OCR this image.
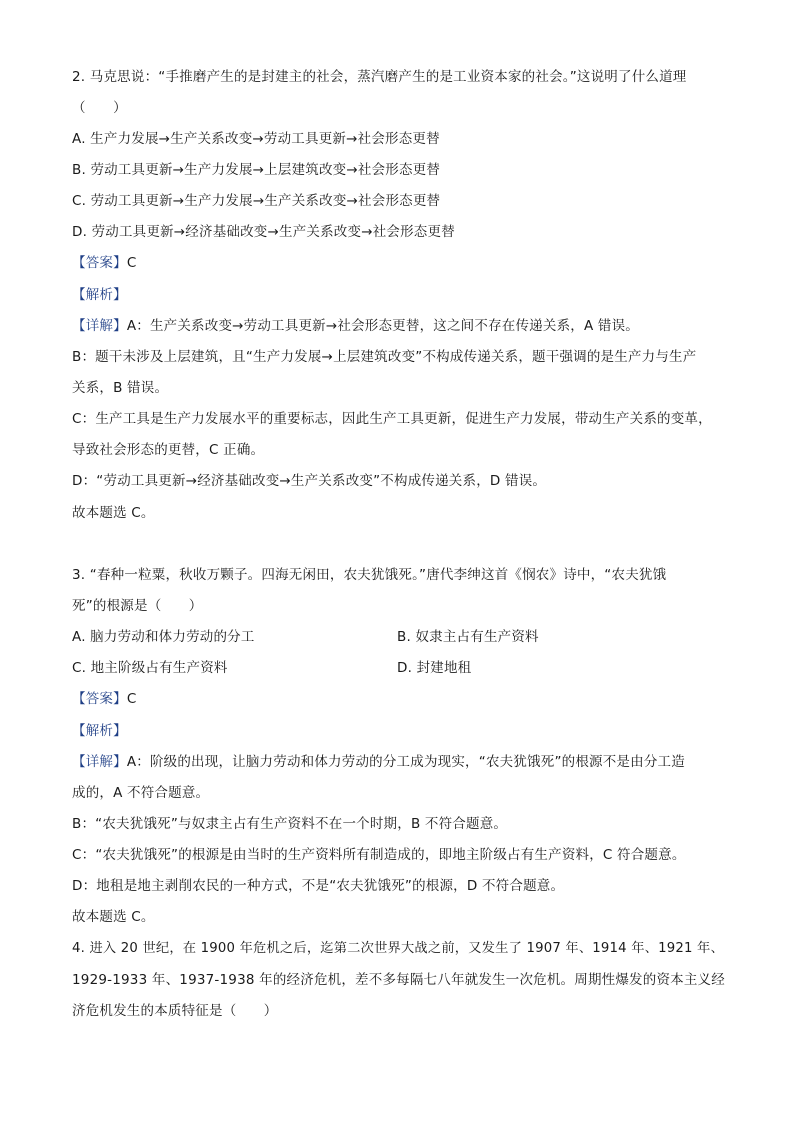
2. 马克思说：“手推磨产生的是封建主的社会，蒸汽磨产生的是工业资本家的社会。”这说明了什么道理
（　　）
A. 生产力发展→生产关系改变→劳动工具更新→社会形态更替
B. 劳动工具更新→生产力发展→上层建筑改变→社会形态更替
C. 劳动工具更新→生产力发展→生产关系改变→社会形态更替
D. 劳动工具更新→经济基础改变→生产关系改变→社会形态更替
【答案】C
【解析】
【详解】A：生产关系改变→劳动工具更新→社会形态更替，这之间不存在传递关系，A 错误。
B：题干未涉及上层建筑，且“生产力发展→上层建筑改变”不构成传递关系，题干强调的是生产力与生产
关系，B 错误。
C：生产工具是生产力发展水平的重要标志，因此生产工具更新，促进生产力发展，带动生产关系的变革，
导致社会形态的更替，C 正确。
D：“劳动工具更新→经济基础改变→生产关系改变”不构成传递关系，D 错误。
故本题选 C。
3. “春种一粒粟，秋收万颗子。四海无闲田，农夫犹饿死。”唐代李绅这首《悯农》诗中，“农夫犹饿
死”的根源是（　　）
A. 脑力劳动和体力劳动的分工	B. 奴隶主占有生产资料
C. 地主阶级占有生产资料	D. 封建地租
【答案】C
【解析】
【详解】A：阶级的出现，让脑力劳动和体力劳动的分工成为现实，“农夫犹饿死”的根源不是由分工造
成的，A 不符合题意。
B：“农夫犹饿死”与奴隶主占有生产资料不在一个时期，B 不符合题意。
C：“农夫犹饿死”的根源是由当时的生产资料所有制造成的，即地主阶级占有生产资料，C 符合题意。
D：地租是地主剥削农民的一种方式，不是“农夫犹饿死”的根源，D 不符合题意。
故本题选 C。
4. 进入 20 世纪，在 1900 年危机之后，迄第二次世界大战之前，又发生了 1907 年、1914 年、1921 年、
1929-1933 年、1937-1938 年的经济危机，差不多每隔七八年就发生一次危机。周期性爆发的资本主义经
济危机发生的本质特征是（　　）
